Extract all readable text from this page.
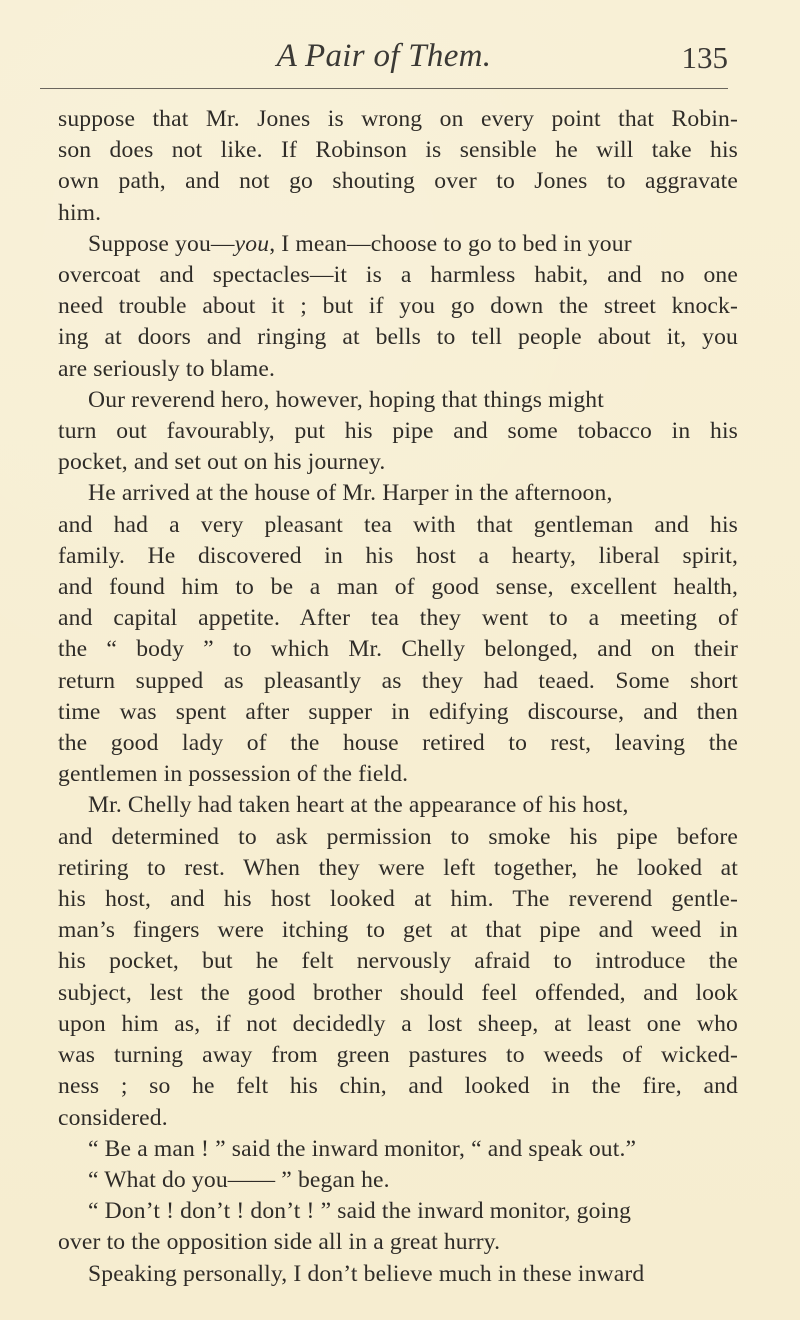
A Pair of Them.	135
suppose that Mr. Jones is wrong on every point that Robin-
son does not like. If Robinson is sensible he will take his
own path, and not go shouting over to Jones to aggravate
him.
Suppose you—you, I mean—choose to go to bed in your
overcoat and spectacles—it is a harmless habit, and no one
need trouble about it ; but if you go down the street knock-
ing at doors and ringing at bells to tell people about it, you
are seriously to blame.
Our reverend hero, however, hoping that things might
turn out favourably, put his pipe and some tobacco in his
pocket, and set out on his journey.
He arrived at the house of Mr. Harper in the afternoon,
and had a very pleasant tea with that gentleman and his
family. He discovered in his host a hearty, liberal spirit,
and found him to be a man of good sense, excellent health,
and capital appetite. After tea they went to a meeting of
the “ body ” to which Mr. Chelly belonged, and on their
return supped as pleasantly as they had teaed. Some short
time was spent after supper in edifying discourse, and then
the good lady of the house retired to rest, leaving the
gentlemen in possession of the field.
Mr. Chelly had taken heart at the appearance of his host,
and determined to ask permission to smoke his pipe before
retiring to rest. When they were left together, he looked at
his host, and his host looked at him. The reverend gentle-
man’s fingers were itching to get at that pipe and weed in
his pocket, but he felt nervously afraid to introduce the
subject, lest the good brother should feel offended, and look
upon him as, if not decidedly a lost sheep, at least one who
was turning away from green pastures to weeds of wicked-
ness ; so he felt his chin, and looked in the fire, and
considered.
“ Be a man ! ” said the inward monitor, “ and speak out.”
“ What do you—— ” began he.
“ Don’t ! don’t ! don’t ! ” said the inward monitor, going
over to the opposition side all in a great hurry.
Speaking personally, I don’t believe much in these inward
